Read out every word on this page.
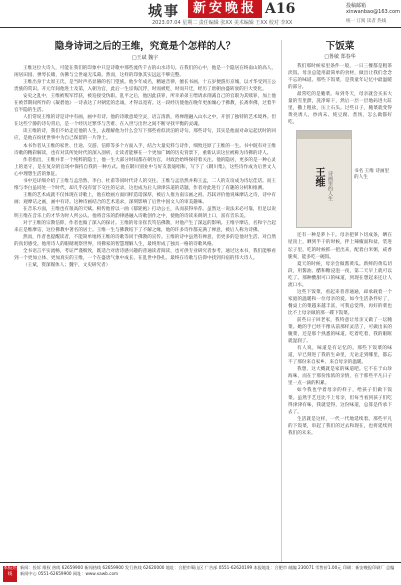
城事 新安晚报 A16
2023.07.04 星期二 责任编辑 张XX 美术编辑 王XX 校对 李XX
投稿邮箱 xinwanbao@163.com
统一 订阅 读者 热线
隐身诗词之后的王维，究竟是个怎样的人？
□王斌 魏宇

王维这位大诗人，可能在我们的印象中只是诗歌中那些流传千古的山水诗句。在我们的心中，他是一个隐居在终南山的高人，闲居田园、弹琴长啸，仿佛与尘世毫无瓜葛。然而，这样的印象其实远远不够完整。

王维出身于太原王氏，是当时声名显赫的名门望族。他少年成名，精通音律，擅长书画，十五岁便游历京城，以才华受到王公贵族的赏识。开元年间他进士及第，入朝为官，此后一生宦海沉浮，时而被贬，时而升迁，经历了唐朝由盛转衰的巨大变化。

安史之乱中，王维被叛军俘获，被迫接受伪职。乱平之后，他因此获罪，所幸弟弟王缙请求削减自己的官职为其赎罪，加上他在被俘期间所作的《凝碧池》一诗表达了对朝廷的忠诚，才得以宽宥。这一段经历使他在晚年更加倾心于佛教，长斋奉佛，过着半官半隐的生活。

人们常说王维的诗是诗中有画，画中有诗。他的诗歌意境空灵，语言清新，将禅理融入山水之中，开创了独特的艺术境界。但在这些宁静的诗句背后，是一个经历过繁华与苦难、在入世与出世之间不断寻找平衡的灵魂。

读王维的诗，我们不妨走近他的人生，去理解他为什么会写下那些看似淡泊的诗句。那些诗句，其实是他面对命运起伏时的回应，是他在纷扰世事中为自己保留的一片净土。

本书作者从王维的家世、仕途、交游、信仰等多个方面入手，结合大量史料与诗作，细致还原了王维的一生。书中既有对王维诗歌的精彩解读，也有对其所处时代的深入剖析，让读者能够在一个更加广阔的历史背景下，重新认识这位被称为诗佛的诗人。

作者指出，王维并非一个纯粹的隐士，他一生大部分时间都在朝为官，对政治始终保持着关注。他的隐居，更多的是一种心灵上的退守，是在复杂的官场中保持自我的一种方式。他在辋川别业中与好友裴迪唱和，写下了《辋川集》，这些诗作成为后世文人心中理想生活的象征。

书中还详细介绍了王维与孟浩然、李白、杜甫等同时代诗人的交往。王维与孟浩然并称王孟，二人的友谊成为诗坛佳话。而王维与李白虽同处一个时代，却几乎没有留下交往的记录，这也成为后人津津乐道的话题。作者对此进行了有趣的分析和推测。

王维的艺术成就不仅体现在诗歌上，他在绘画方面同样造诣深厚，被后人推为南宗画之祖。苏轼评价他说味摩诘之诗，诗中有画；观摩诘之画，画中有诗。这种诗画结合的艺术追求，深刻影响了后世中国文人的审美趣味。

在音乐方面，王维也有很高的天赋。相传他曾以一曲《郁轮袍》打动公主，从而获得举荐。虽然这一说法未必可靠，但足以说明王维在音乐上的才华为时人所公认。他将音乐的韵律感融入诗歌创作之中，使他的诗读来朗朗上口，富有音乐美。

对于王维的宗教信仰，作者也做了深入的探讨。王维的母亲崔氏笃信佛教，对他产生了深远的影响。王维字摩诘，名和字合起来正是维摩诘，这位佛教中著名的居士。王维一生与佛教结下了不解之缘，他的许多诗作都充满了禅意，被后人称为诗佛。

然而，作者也提醒读者，不能简单地将王维的诗歌等同于佛教的宣传。王维的诗中虽然有禅意，但更多的是他对生活、对自然的真切感受。他用诗人的眼睛观察世界，用佛家的智慧理解人生，最终形成了独具一格的诗歌风格。

全书语言平实流畅，考证严谨细致，既适合对唐诗感兴趣的普通读者阅读，也可供专业研究者参考。通过这本书，我们能够看到一个更加立体、更加真实的王维，一个在盛唐气象中成长、在乱世中挣扎、最终在诗歌与信仰中找到归宿的伟大诗人。

（王斌，资深媒体人；魏宇，文史研究者）

下饭菜
□鲁敏 郑春华

我们那时候家里条件一般，一日三餐都是粗茶淡饭。母亲总能用最简单的食材，做出让我们念念不忘的味道。那些下饭菜，是我童年记忆中最温暖的部分。

最常吃的是腌菜。每到冬天，母亲就会买来大量的雪里蕻，洗净晾干，然后一层一层地码进大缸里，撒上粗盐，压上石头。过些日子，腌菜就变得黄亮诱人，炒肉末、炖豆腐、煮汤，怎么做都好吃。

王维 诗画里的人生	书名 王维 诗画里的人生

还有一种是萝卜干。母亲把萝卜切成条，晒在屋顶上，晒到半干的时候，拌上辣椒面和盐，装进坛子里。吃的时候抓一把出来，配着白米粥，咸香脆爽，能多吃一碗饭。

夏天的时候，母亲会做酱黄瓜。新鲜的黄瓜切段，用酱油、醋和糖浸泡一夜，第二天早上就可以吃了。那种酸甜可口的味道，到现在想起来还让人流口水。

这些下饭菜，看起来普普通通，却承载着一个家庭的温暖和一位母亲的爱。如今生活条件好了，餐桌上的菜越来越丰富，可我总觉得，再好的菜也比不上母亲做的那一碟下饭菜。

前些日子回老家，我特意让母亲又做了一坛腌菜。她的手已经不像从前那样灵活了，可做出来的腌菜，还是那个熟悉的味道。吃着吃着，我的眼眶就湿润了。

有人说，味道是有记忆的。那些下饭菜的味道，早已刻进了我的生命里，无论走到哪里，都忘不了那份来自家乡、来自母亲的温暖。

我想，这大概就是家的味道吧。它不在于山珍海味，而在于那份浓浓的亲情，在于那些平凡日子里一点一滴的积累。

如今我也学着母亲的样子，给孩子们做下饭菜。虽然手艺还比不上母亲，但每当看到孩子们吃得津津有味，我就觉得，这份味道，总算是传承下去了。

生活就是这样，一代一代地延续着。那些平凡的下饭菜，串起了我们的过去和现在，也将延续到我们的未来。

本报热线
新闻：投诉 维权 热线 62659900 新闻热线 62659900 发行热线 62620000 地址：合肥市蜀山区 广告部 0551-62620199 本报地址：合肥市 邮编 230071 零售价1.00元 印刷：新安晚报印刷厂 总编 新闻中心 0551-62659900 网址：www.xawb.com
